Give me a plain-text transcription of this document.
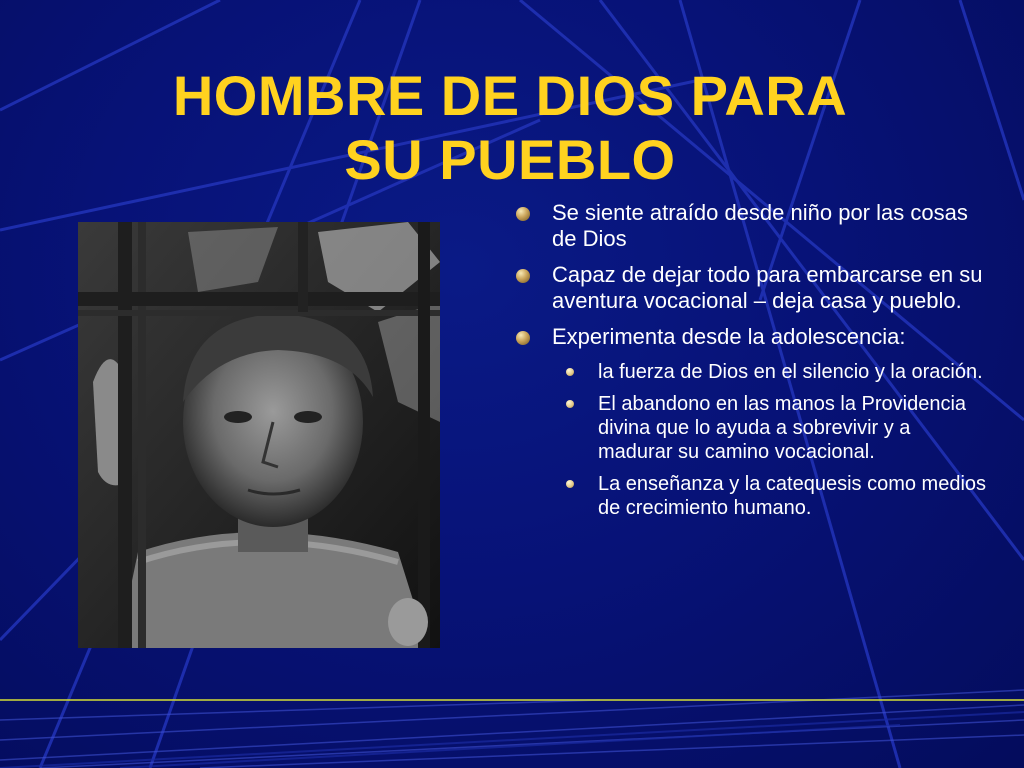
HOMBRE DE DIOS PARA
SU PUEBLO
Se siente atraído desde niño por las cosas de Dios
Capaz de dejar todo para embarcarse en su aventura vocacional – deja casa y pueblo.
Experimenta desde la adolescencia:
la fuerza de Dios en el silencio y la oración.
El abandono en las manos la Providencia divina que lo ayuda a sobrevivir y a madurar su camino vocacional.
La enseñanza y la catequesis como medios de crecimiento humano.
